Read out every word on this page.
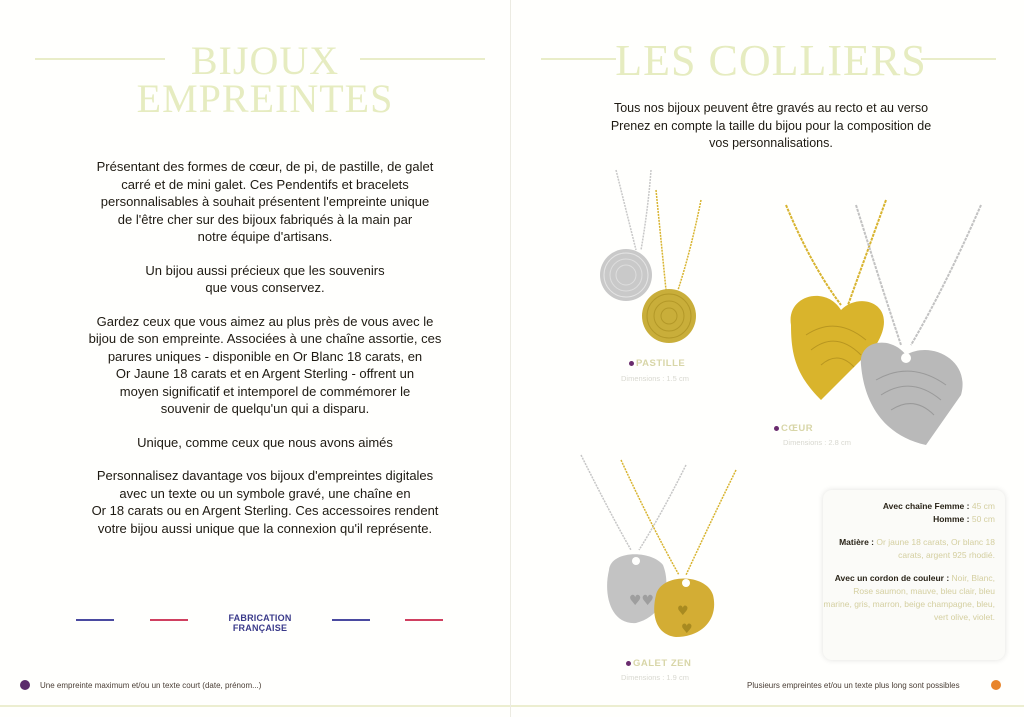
BIJOUX
EMPREINTES

Présentant des formes de cœur, de pi, de pastille, de galet
carré et de mini galet. Ces Pendentifs et bracelets
personnalisables à souhait présentent l'empreinte unique
de l'être cher sur des bijoux fabriqués à la main par
notre équipe d'artisans.

Un bijou aussi précieux que les souvenirs
que vous conservez.

Gardez ceux que vous aimez au plus près de vous avec le
bijou de son empreinte. Associées à une chaîne assortie, ces
parures uniques - disponible en Or Blanc 18 carats, en
Or Jaune 18 carats et en Argent Sterling - offrent un
moyen significatif et intemporel de commémorer le
souvenir de quelqu'un qui a disparu.

Unique, comme ceux que nous avons aimés

Personnalisez davantage vos bijoux d'empreintes digitales
avec un texte ou un symbole gravé, une chaîne en
Or 18 carats ou en Argent Sterling. Ces accessoires rendent
votre bijou aussi unique que la connexion qu'il représente.

FABRICATION FRANÇAISE
Une empreinte maximum et/ou un texte court (date, prénom...)
LES COLLIERS
Tous nos bijoux peuvent être gravés au recto et au verso
Prenez en compte la taille du bijou pour la composition de
vos personnalisations.
PASTILLE
Dimensions : 1.5 cm
CŒUR
Dimensions : 2.8 cm
♥♥
♥
♥
GALET ZEN
Dimensions : 1.9 cm

Avec chaîne Femme : 45 cm
Homme : 50 cm

Matière : Or jaune 18 carats, Or blanc 18 carats, argent 925 rhodié.

Avec un cordon de couleur : Noir, Blanc, Rose saumon, mauve, bleu clair, bleu marine, gris, marron, beige champagne, bleu, vert olive, violet.

Plusieurs empreintes et/ou un texte plus long sont possibles
